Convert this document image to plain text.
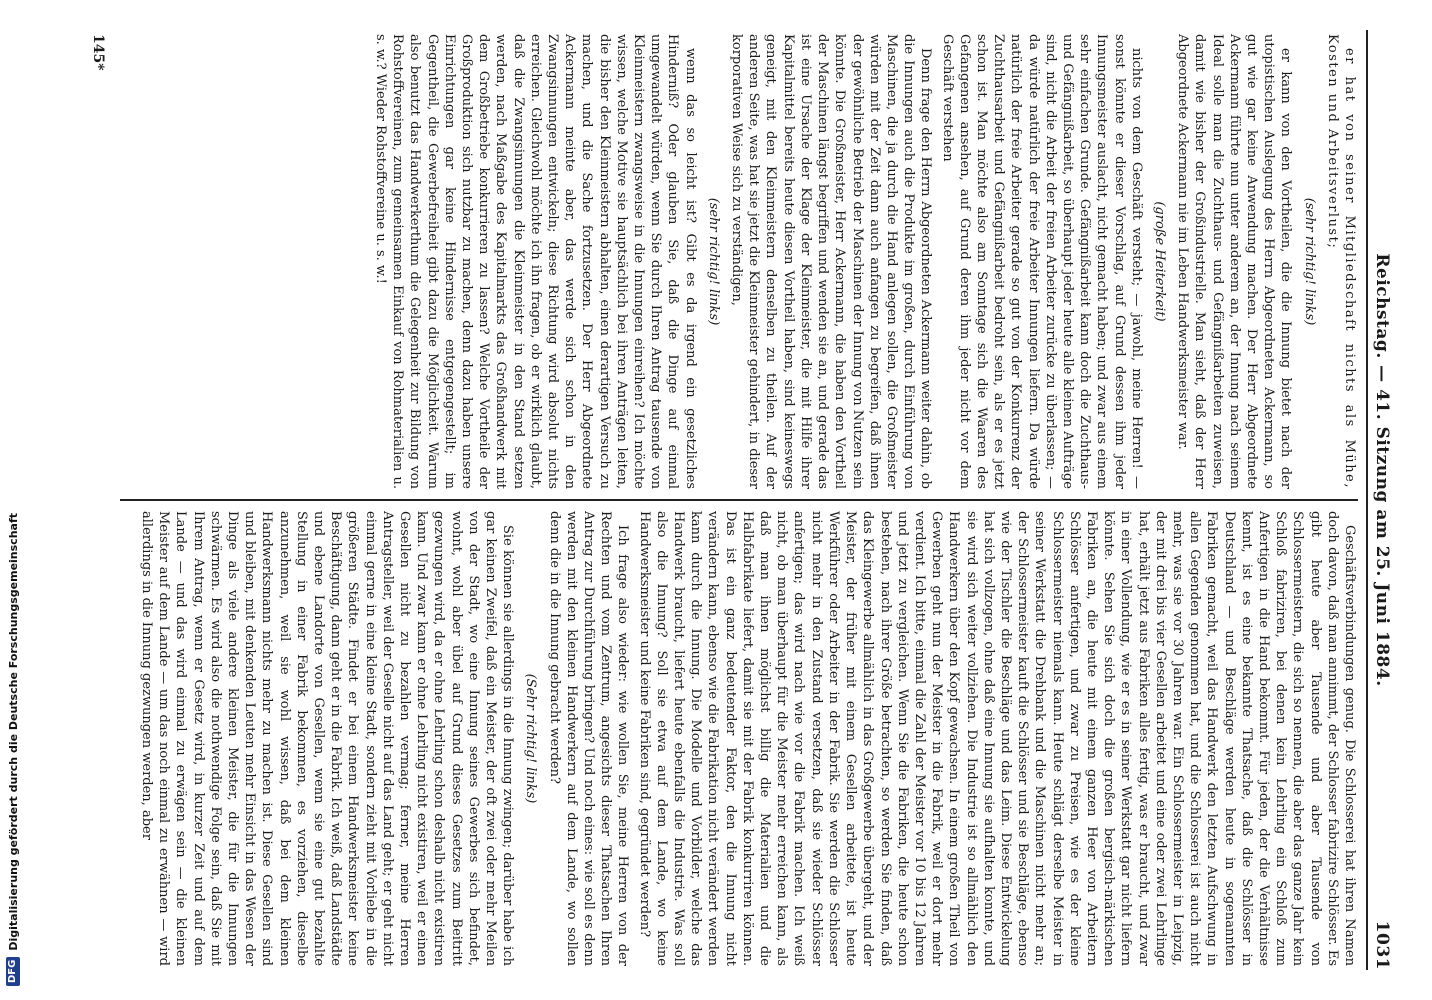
DFG
Digitalisierung gefördert durch die Deutsche Forschungsgemeinschaft
Reichstag. — 41. Sitzung am 25. Juni 1884.
1031

er hat von seiner Mitgliedschaft nichts als Mühe, Kosten und Arbeitsverlust;

(sehr richtig! links)

er kann von den Vortheilen, die die Innung bietet nach der utopistischen Auslegung des Herrn Abgeordneten Ackermann, so gut wie gar keine Anwendung machen. Der Herr Abgeordnete Ackermann führte nun unter anderem an, der Innung nach seinem Ideal solle man die Zuchthaus- und Gefängnißarbeiten zuweisen, damit wie bisher der Großindustrielle. Man sieht, daß der Herr Abgeordnete Ackermann nie im Leben Handwerksmeister war.

(große Heiterkeit)

nichts von dem Geschäft versteht; — jawohl, meine Herren! — sonst könnte er dieser Vorschlag, auf Grund dessen ihm jeder Innungsmeister auslacht, nicht gemacht haben; und zwar aus einem sehr einfachen Grunde. Gefängnißarbeit kann doch die Zuchthaus- und Gefängnißarbeit, so überhaupt jeder heute alle kleinen Aufträge sind, nicht die Arbeit der freien Arbeiter zurücke zu überlassen; — da würde natürlich der freie Arbeiter Innungen liefern. Da würde natürlich der freie Arbeiter gerade so gut von der Konkurrenz der Zuchthausarbeit und Gefängnißarbeit bedroht sein, als er es jetzt schon ist. Man möchte also am Sonntage sich die Waaren des Gefangenen ansehen, auf Grund deren ihm jeder nicht vor dem Geschäft verstehen

Denn frage den Herrn Abgeordneten Ackermann weiter dahin, ob die Innungen auch die Produkte im großen, durch Einführung von Maschinen, die ja durch die Hand anlegen sollen, die Großmeister würden mit der Zeit dann auch anfangen zu begreifen, daß ihnen der gewöhnliche Betrieb der Maschinen der Innung von Nutzen sein könnte. Die Großmeister, Herr Ackermann, die haben den Vortheil der Maschinen längst begriffen und wenden sie an, und gerade das ist eine Ursache der Klage der Kleinmeister, die mit Hilfe ihrer Kapitalmittel bereits heute diesen Vortheil haben, sind keineswegs geneigt, mit den Kleinmeistern denselben zu theilen. Auf der anderen Seite, was hat sie jetzt die Kleinmeister gehindert, in dieser korporativen Weise sich zu verständigen,

(sehr richtig! links)

wenn das so leicht ist? Gibt es da irgend ein gesetzliches Hinderniß? Oder glauben Sie, daß die Dinge auf einmal umgewandelt würden, wenn Sie durch Ihren Antrag tausende von Kleinmeistern zwangsweise in die Innungen einreihen? Ich möchte wissen, welche Motive sie hauptsächlich bei ihren Anträgen leiten, die bisher den Kleinmeistern abhalten, einen derartigen Versuch zu machen, und die Sache fortzusetzen. Der Herr Abgeordnete Ackermann meinte aber, das werde sich schon in den Zwangsinnungen entwickeln; diese Richtung wird absolut nichts erreichen. Gleichwohl möchte ich ihn fragen, ob er wirklich glaubt, daß die Zwangsinnungen die Kleinmeister in den Stand setzen werden, nach Maßgabe des Kapitalmarkts das Großhandwerk mit dem Großbetriebe konkurrieren zu lassen? Welche Vortheile der Großproduktion sich nutzbar zu machen, denn dazu haben unsere Einrichtungen gar keine Hindernisse entgegengestellt; im Gegentheil, die Gewerbefreiheit gibt dazu die Möglichkeit. Warum also benutzt das Handwerkerthum die Gelegenheit zur Bildung von Rohstoffvereinen, zum gemeinsamen Einkauf von Rohmaterialien u. s. w.? Wieder Rohstoffvereine u. s. w.!

Geschäftsverbindungen genug. Die Schlosserei hat ihren Namen doch davon, daß man annimmt, der Schlosser fabrizire Schlösser. Es gibt heute aber Tausende und aber Tausende von Schlossermeistern, die sich so nennen, die aber das ganze Jahr kein Schloß fabriziren, bei denen kein Lehrling ein Schloß zum Anfertigen in die Hand bekommt. Für jeden, der die Verhältnisse kennt, ist es eine bekannte Thatsache, daß die Schlösser in Deutschland — und Beschläge werden heute in sogenannten Fabriken gemacht, weil das Handwerk den letzten Aufschwung in allen Gegenden genommen hat, und die Schlosserei ist auch nicht mehr, was sie vor 30 Jahren war. Ein Schlossermeister in Leipzig, der mit drei bis vier Gesellen arbeitet und eine oder zwei Lehrlinge hat, erhält jetzt aus Fabriken alles fertig, was er braucht, und zwar in einer Vollendung, wie er es in seiner Werkstatt gar nicht liefern könnte. Sehen Sie sich doch die großen bergisch-märkischen Fabriken an, die heute mit einem ganzen Heer von Arbeitern Schlösser anfertigen, und zwar zu Preisen, wie es der kleine Schlossermeister niemals kann. Heute schlägt derselbe Meister in seiner Werkstatt die Drehbank und die Maschinen nicht mehr an; der Schlossermeister kauft die Schlösser und sie Beschläge, ebenso wie der Tischler die Beschläge und das Leim. Diese Entwickelung hat sich vollzogen, ohne daß eine Innung sie aufhalten konnte, und sie wird sich weiter vollziehen. Die Industrie ist so allmählich den Handwerkern über den Kopf gewachsen. In einem großen Theil von Gewerben geht nun der Meister in die Fabrik, weil er dort mehr verdient. Ich bitte, einmal die Zahl der Meister vor 10 bis 12 Jahren und jetzt zu vergleichen. Wenn Sie die Fabriken, die heute schon bestehen, nach ihrer Größe betrachten, so werden Sie finden, daß das Kleingewerbe allmählich in das Großgewerbe übergeht, und der Meister, der früher mit einem Gesellen arbeitete, ist heute Werkführer oder Arbeiter in der Fabrik. Sie werden die Schlosser nicht mehr in den Zustand versetzen, daß sie wieder Schlösser anfertigen; das wird nach wie vor die Fabrik machen. Ich weiß nicht, ob man überhaupt für die Meister mehr erreichen kann, als daß man ihnen möglichst billig die Materialien und die Halbfabrikate liefert, damit sie mit der Fabrik konkurriren können. Das ist ein ganz bedeutender Faktor, den die Innung nicht verändern kann, ebenso wie die Fabrikation nicht verändert werden kann durch die Innung. Die Modelle und Vorbilder, welche das Handwerk braucht, liefert heute ebenfalls die Industrie. Was soll also die Innung? Soll sie etwa auf dem Lande, wo keine Handwerksmeister und keine Fabriken sind, gegründet werden?

Ich frage also wieder: wie wollen Sie, meine Herren von der Rechten und vom Zentrum, angesichts dieser Thatsachen Ihren Antrag zur Durchführung bringen? Und noch eines: wie soll es denn werden mit den kleinen Handwerkern auf dem Lande, wo sollen denn die in die Innung gebracht werden?

(Sehr richtig! links)

Sie können sie allerdings in die Innung zwingen; darüber habe ich gar keinen Zweifel, daß ein Meister, der oft zwei oder mehr Meilen von der Stadt, wo eine Innung seines Gewerbes sich befindet, wohnt, wohl aber übel auf Grund dieses Gesetzes zum Beitritt gezwungen wird, da er ohne Lehrling schon deshalb nicht existiren kann. Und zwar kann er ohne Lehrling nicht existiren, weil er einen Gesellen nicht zu bezahlen vermag; ferner, meine Herren Antragsteller, weil der Geselle nicht auf das Land geht; er geht nicht einmal gerne in eine kleine Stadt, sondern zieht mit Vorliebe in die größeren Städte. Findet er bei einem Handwerksmeister keine Beschäftigung, dann geht er in die Fabrik. Ich weiß, daß Landstädte und ebene Landorte von Gesellen, wenn sie eine gut bezahlte Stellung in einer Fabrik bekommen, es vorziehen, dieselbe anzunehmen, weil sie wohl wissen, daß bei dem kleinen Handwerksmann nichts mehr zu machen ist. Diese Gesellen sind und bleiben, mit denkenden Leuten mehr Einsicht in das Wesen der Dinge als viele andere kleinen Meister, die für die Innungen schwärmen. Es wird also die nothwendige Folge sein, daß Sie mit Ihrem Antrag, wenn er Gesetz wird, in kurzer Zeit und auf dem Lande — und das wird einmal zu erwägen sein — die kleinen Meister auf dem Lande — um das noch einmal zu erwähnen — wird allerdings in die Innung gezwungen werden, aber

145*
